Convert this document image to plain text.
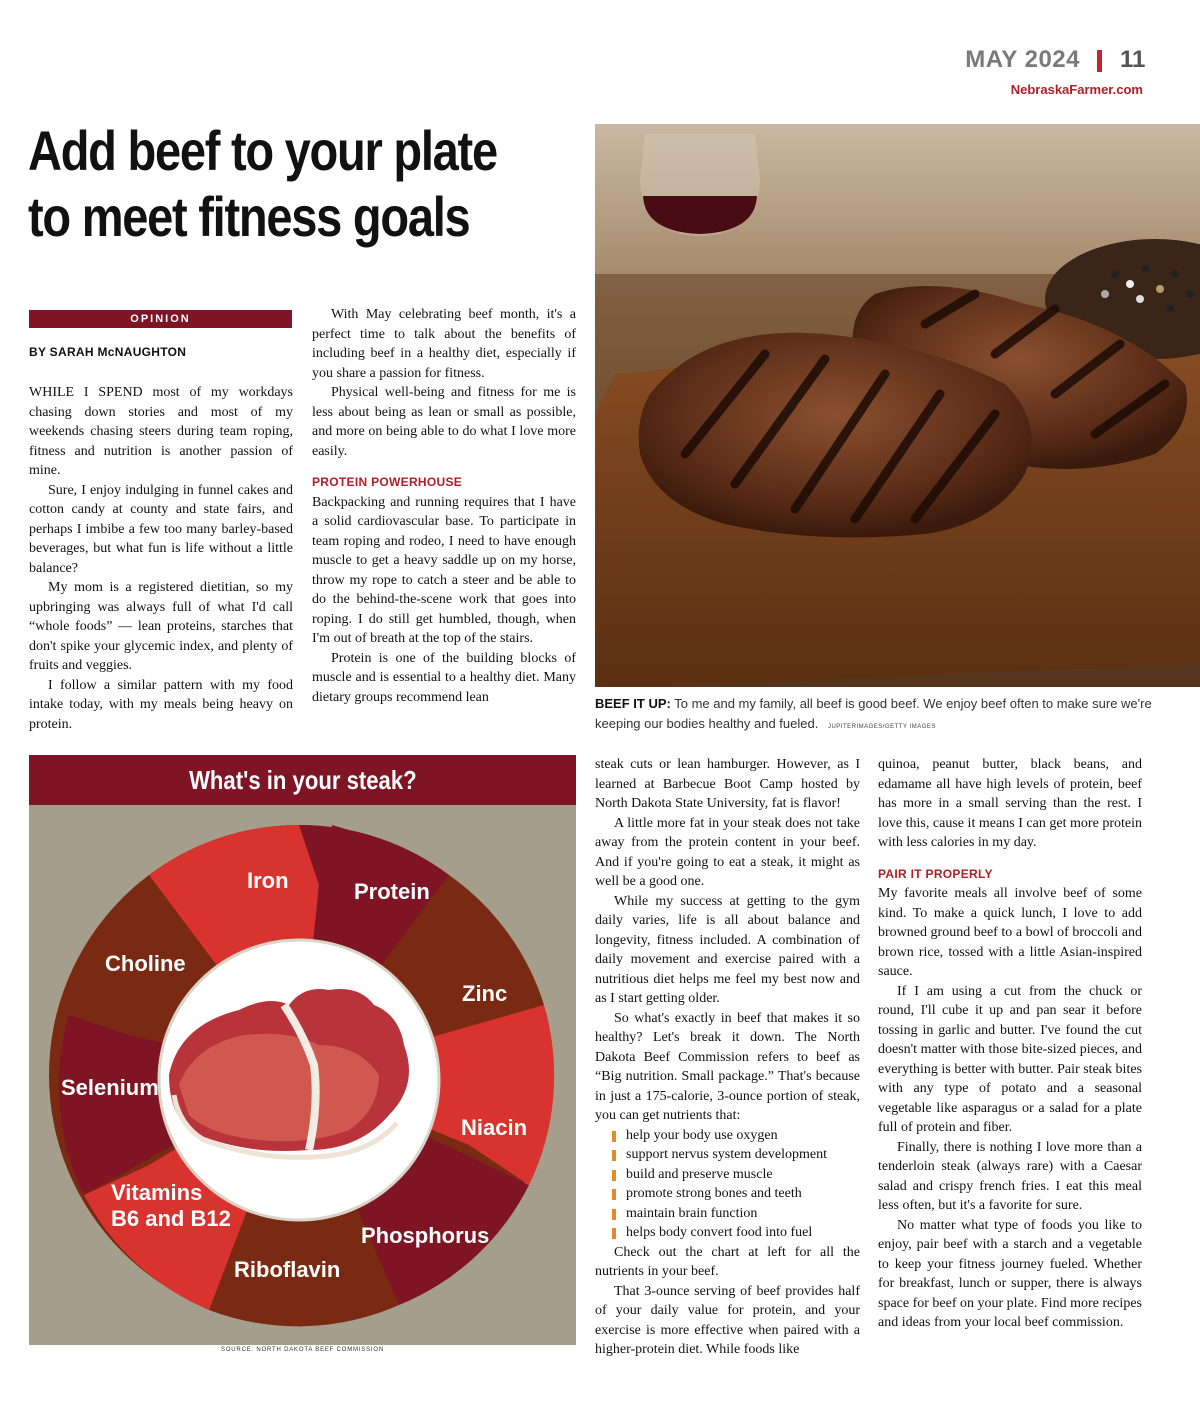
MAY 2024 11
NebraskaFarmer.com
Add beef to your plate
to meet fitness goals
BEEF IT UP: To me and my family, all beef is good beef. We enjoy beef often to make sure we're keeping our bodies healthy and fueled. JUPITERIMAGES/GETTY IMAGES
OPINION
BY SARAH McNAUGHTON

WHILE I SPEND most of my workdays chasing down stories and most of my weekends chasing steers during team roping, fitness and nutrition is another passion of mine.

Sure, I enjoy indulging in funnel cakes and cotton candy at county and state fairs, and perhaps I imbibe a few too many barley-based beverages, but what fun is life without a little balance?

My mom is a registered dietitian, so my upbringing was always full of what I'd call “whole foods” — lean proteins, starches that don't spike your glycemic index, and plenty of fruits and veggies.

I follow a similar pattern with my food intake today, with my meals being heavy on protein.

With May celebrating beef month, it's a perfect time to talk about the benefits of including beef in a healthy diet, especially if you share a passion for fitness.

Physical well-being and fitness for me is less about being as lean or small as possible, and more on being able to do what I love more easily.

PROTEIN POWERHOUSE

Backpacking and running requires that I have a solid cardiovascular base. To participate in team roping and rodeo, I need to have enough muscle to get a heavy saddle up on my horse, throw my rope to catch a steer and be able to do the behind-the-scene work that goes into roping. I do still get humbled, though, when I'm out of breath at the top of the stairs.

Protein is one of the building blocks of muscle and is essential to a healthy diet. Many dietary groups recommend lean

What's in your steak?
Iron	Protein
Zinc
Niacin
Phosphorus
Riboflavin
Vitamins
B6 and B12
Selenium
Choline
SOURCE: NORTH DAKOTA BEEF COMMISSION

steak cuts or lean hamburger. However, as I learned at Barbecue Boot Camp hosted by North Dakota State University, fat is flavor!

A little more fat in your steak does not take away from the protein content in your beef. And if you're going to eat a steak, it might as well be a good one.

While my success at getting to the gym daily varies, life is all about balance and longevity, fitness included. A combination of daily movement and exercise paired with a nutritious diet helps me feel my best now and as I start getting older.

So what's exactly in beef that makes it so healthy? Let's break it down. The North Dakota Beef Commission refers to beef as “Big nutrition. Small package.” That's because in just a 175-calorie, 3-ounce portion of steak, you can get nutrients that:

help your body use oxygen
support nervus system development
build and preserve muscle
promote strong bones and teeth
maintain brain function
helps body convert food into fuel

Check out the chart at left for all the nutrients in your beef.

That 3-ounce serving of beef provides half of your daily value for protein, and your exercise is more effective when paired with a higher-protein diet. While foods like

quinoa, peanut butter, black beans, and edamame all have high levels of protein, beef has more in a small serving than the rest. I love this, cause it means I can get more protein with less calories in my day.

PAIR IT PROPERLY

My favorite meals all involve beef of some kind. To make a quick lunch, I love to add browned ground beef to a bowl of broccoli and brown rice, tossed with a little Asian-inspired sauce.

If I am using a cut from the chuck or round, I'll cube it up and pan sear it before tossing in garlic and butter. I've found the cut doesn't matter with those bite-sized pieces, and everything is better with butter. Pair steak bites with any type of potato and a seasonal vegetable like asparagus or a salad for a plate full of protein and fiber.

Finally, there is nothing I love more than a tenderloin steak (always rare) with a Caesar salad and crispy french fries. I eat this meal less often, but it's a favorite for sure.

No matter what type of foods you like to enjoy, pair beef with a starch and a vegetable to keep your fitness journey fueled. Whether for breakfast, lunch or supper, there is always space for beef on your plate. Find more recipes and ideas from your local beef commission.
